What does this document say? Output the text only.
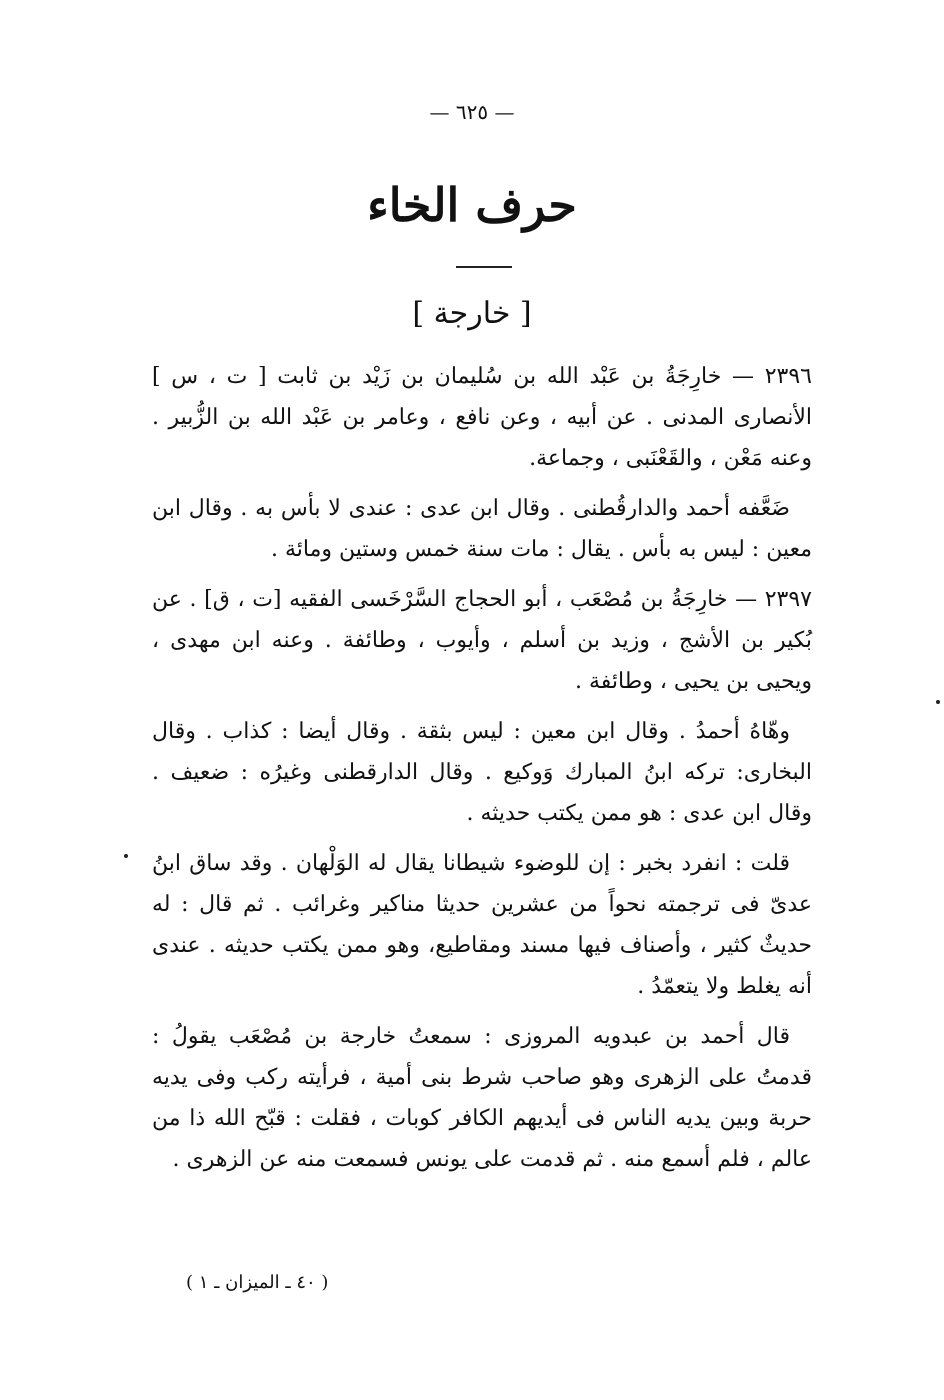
— ٦٢٥ —
حرف الخاء
[ خارجة ]

٢٣٩٦ — خارِجَةُ بن عَبْد الله بن سُليمان بن زَيْد بن ثابت [ ت ، س ] الأنصارى المدنى . عن أبيه ، وعن نافع ، وعامر بن عَبْد الله بن الزُّبير . وعنه مَعْن ، والقَعْنَبى ، وجماعة.

ضَعَّفه أحمد والدارقُطنى . وقال ابن عدى : عندى لا بأس به . وقال ابن معين : ليس به بأس . يقال : مات سنة خمس وستين ومائة .

٢٣٩٧ — خارِجَةُ بن مُصْعَب ، أبو الحجاج السَّرْخَسى الفقيه [ت ، ق] . عن بُكير بن الأشج ، وزيد بن أسلم ، وأيوب ، وطائفة . وعنه ابن مهدى ، ويحيى بن يحيى ، وطائفة .

وهّاهُ أحمدُ . وقال ابن معين : ليس بثقة . وقال أيضا : كذاب . وقال البخارى: تركه ابنُ المبارك وَوكيع . وقال الدارقطنى وغيرُه : ضعيف . وقال ابن عدى : هو ممن يكتب حديثه .

قلت : انفرد بخبر : إن للوضوء شيطانا يقال له الوَلْهان . وقد ساق ابنُ عدىّ فى ترجمته نحواً من عشرين حديثا مناكير وغرائب . ثم قال : له حديثٌ كثير ، وأصناف فيها مسند ومقاطيع، وهو ممن يكتب حديثه . عندى أنه يغلط ولا يتعمّدُ .

قال أحمد بن عبدويه المروزى : سمعتُ خارجة بن مُصْعَب يقولُ : قدمتُ على الزهرى وهو صاحب شرط بنى أمية ، فرأيته ركب وفى يديه حربة وبين يديه الناس فى أيديهم الكافر كوبات ، فقلت : قبّح الله ذا من عالم ، فلم أسمع منه . ثم قدمت على يونس فسمعت منه عن الزهرى .

( ٤٠ ـ الميزان ـ ١ )
